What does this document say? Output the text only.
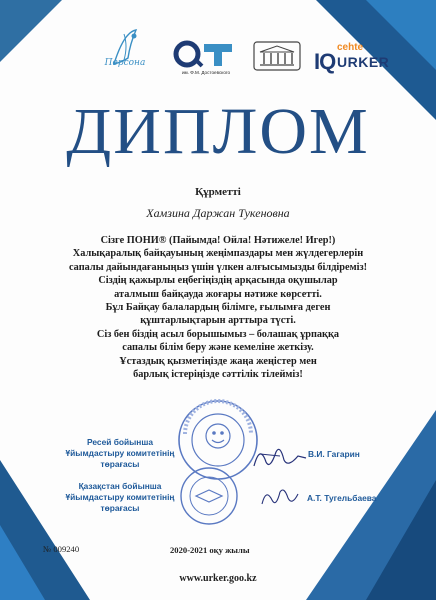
Персона
им. Ф.М. Достоевского	IQ
cehte
URKER
ДИПЛОМ
Құрметті
Хамзина Даржан Тукеновна
Сізге ПОНИ® (Пайымда! Ойла! Нәтижеле! Игер!)
Халықаралық байқауының жеңімпаздары мен жүлдегерлерін
сапалы дайындағаныңыз үшін үлкен алғысымызды білдіреміз!
Сіздің қажырлы еңбегіңіздің арқасында оқушылар
аталмыш байқауда жоғары нәтиже көрсетті.
Бұл Байқау балалардың білімге, ғылымға деген
құштарлықтарын арттыра түсті.
Сіз бен біздің асыл борышымыз – болашақ ұрпаққа
сапалы білім беру және кемеліне жеткізу.
Ұстаздық қызметіңізде жаңа жеңістер мен
барлық істеріңізде сәттілік тілейміз!
Ресей бойынша
Ұйымдастыру комитетінің
төрағасы
В.И. Гагарин
Қазақстан бойынша
Ұйымдастыру комитетінің
төрағасы
А.Т. Тугельбаева
№ 009240	2020-2021 оқу жылы
www.urker.goo.kz
